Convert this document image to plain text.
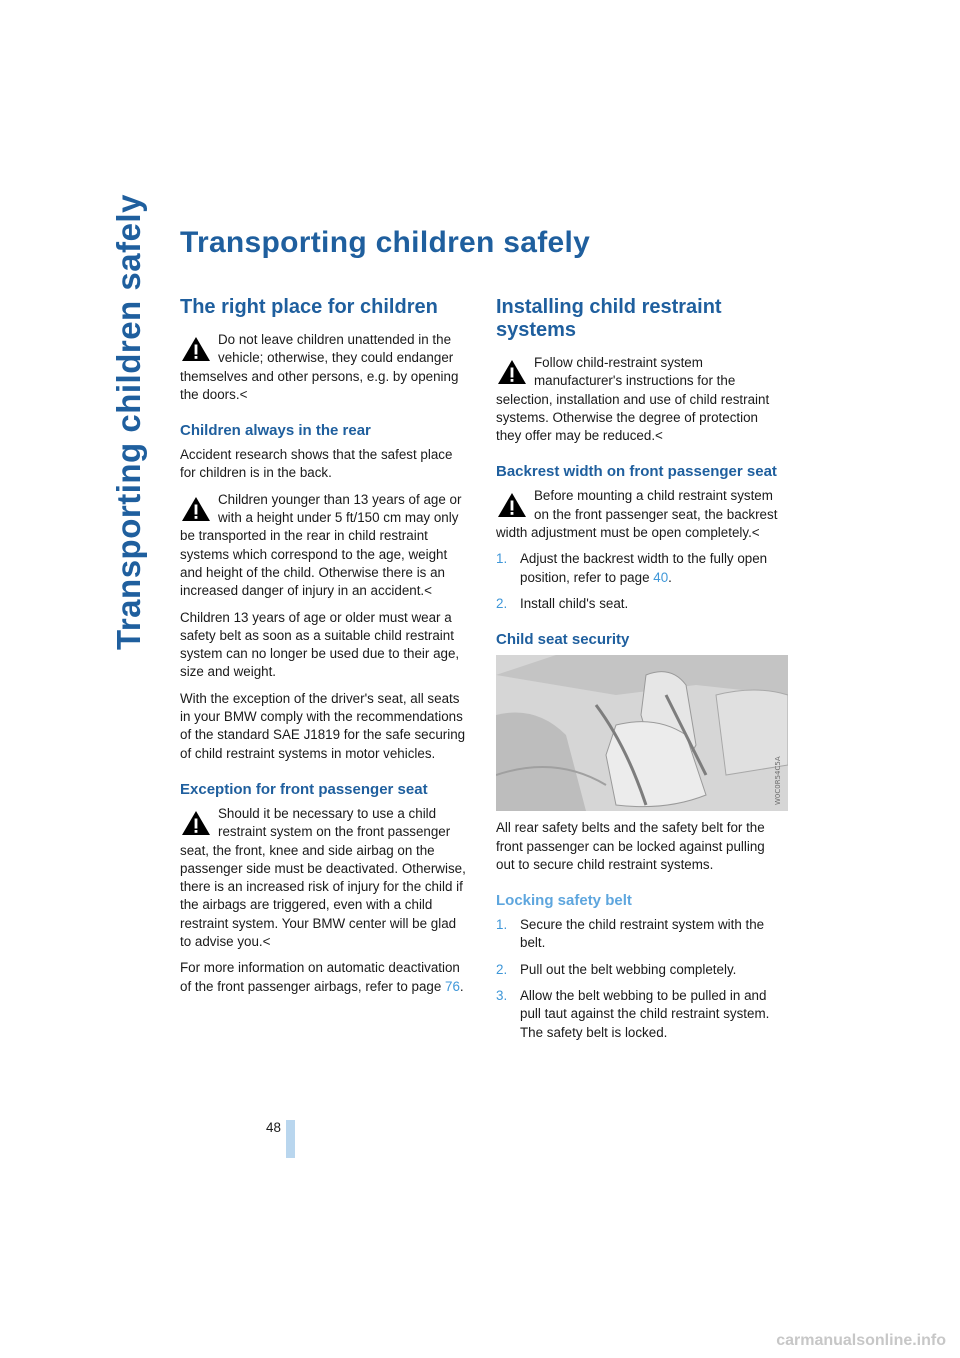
Transporting children safely Transporting children safely
The right place for children
Do not leave children unattended in the vehicle; otherwise, they could endanger themselves and other persons, e.g. by opening the doors.<
Children always in the rear

Accident research shows that the safest place for children is in the back.

Children younger than 13 years of age or with a height under 5 ft/150 cm may only be transported in the rear in child restraint systems which correspond to the age, weight and height of the child. Otherwise there is an increased danger of injury in an accident.<

Children 13 years of age or older must wear a safety belt as soon as a suitable child restraint system can no longer be used due to their age, size and weight.

With the exception of the driver's seat, all seats in your BMW comply with the recommendations of the standard SAE J1819 for the safe securing of child restraint systems in motor vehicles.

Exception for front passenger seat
Should it be necessary to use a child restraint system on the front passenger seat, the front, knee and side airbag on the passenger side must be deactivated. Otherwise, there is an increased risk of injury for the child if the airbags are triggered, even with a child restraint system. Your BMW center will be glad to advise you.<

For more information on automatic deactivation of the front passenger airbags, refer to page 76.

Installing child restraint systems
Follow child-restraint system manufacturer's instructions for the selection, installation and use of child restraint systems. Otherwise the degree of protection they offer may be reduced.<
Backrest width on front passenger seat
Before mounting a child restraint system on the front passenger seat, the backrest width adjustment must be open completely.<
1. Adjust the backrest width to the fully open position, refer to page 40.
2. Install child's seat.
Child seat security
W0C0R54C5A

All rear safety belts and the safety belt for the front passenger can be locked against pulling out to secure child restraint systems.

Locking safety belt
1. Secure the child restraint system with the belt.
2. Pull out the belt webbing completely.
3. Allow the belt webbing to be pulled in and pull taut against the child restraint system. The safety belt is locked.
48
carmanualsonline.info
